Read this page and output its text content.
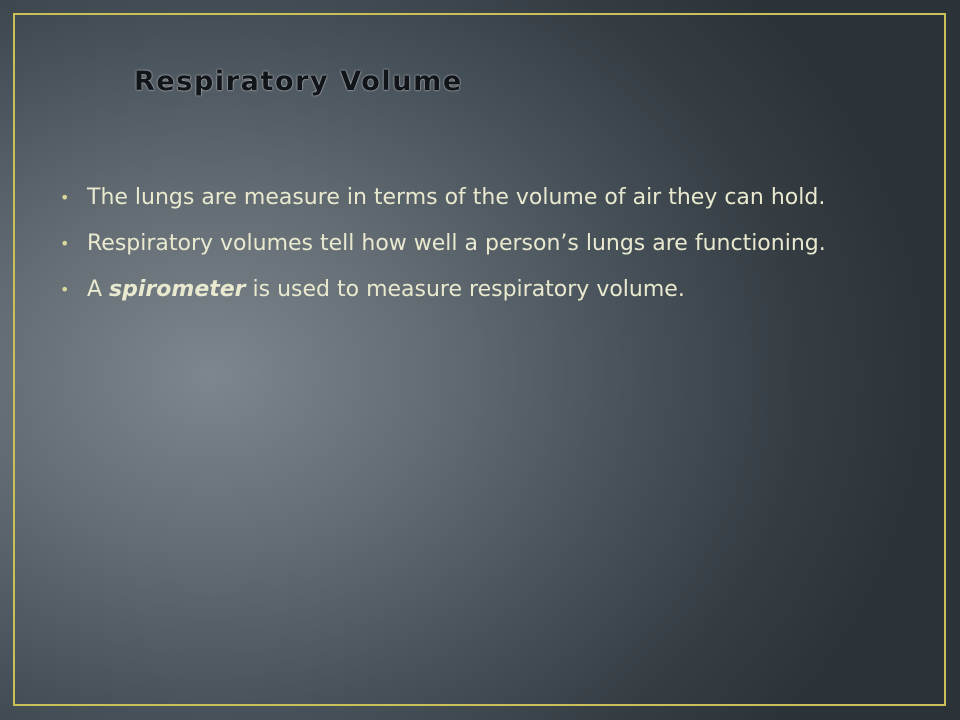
Respiratory Volume
• The lungs are measure in terms of the volume of air they can hold.
• Respiratory volumes tell how well a person’s lungs are functioning.
• A spirometer is used to measure respiratory volume.
